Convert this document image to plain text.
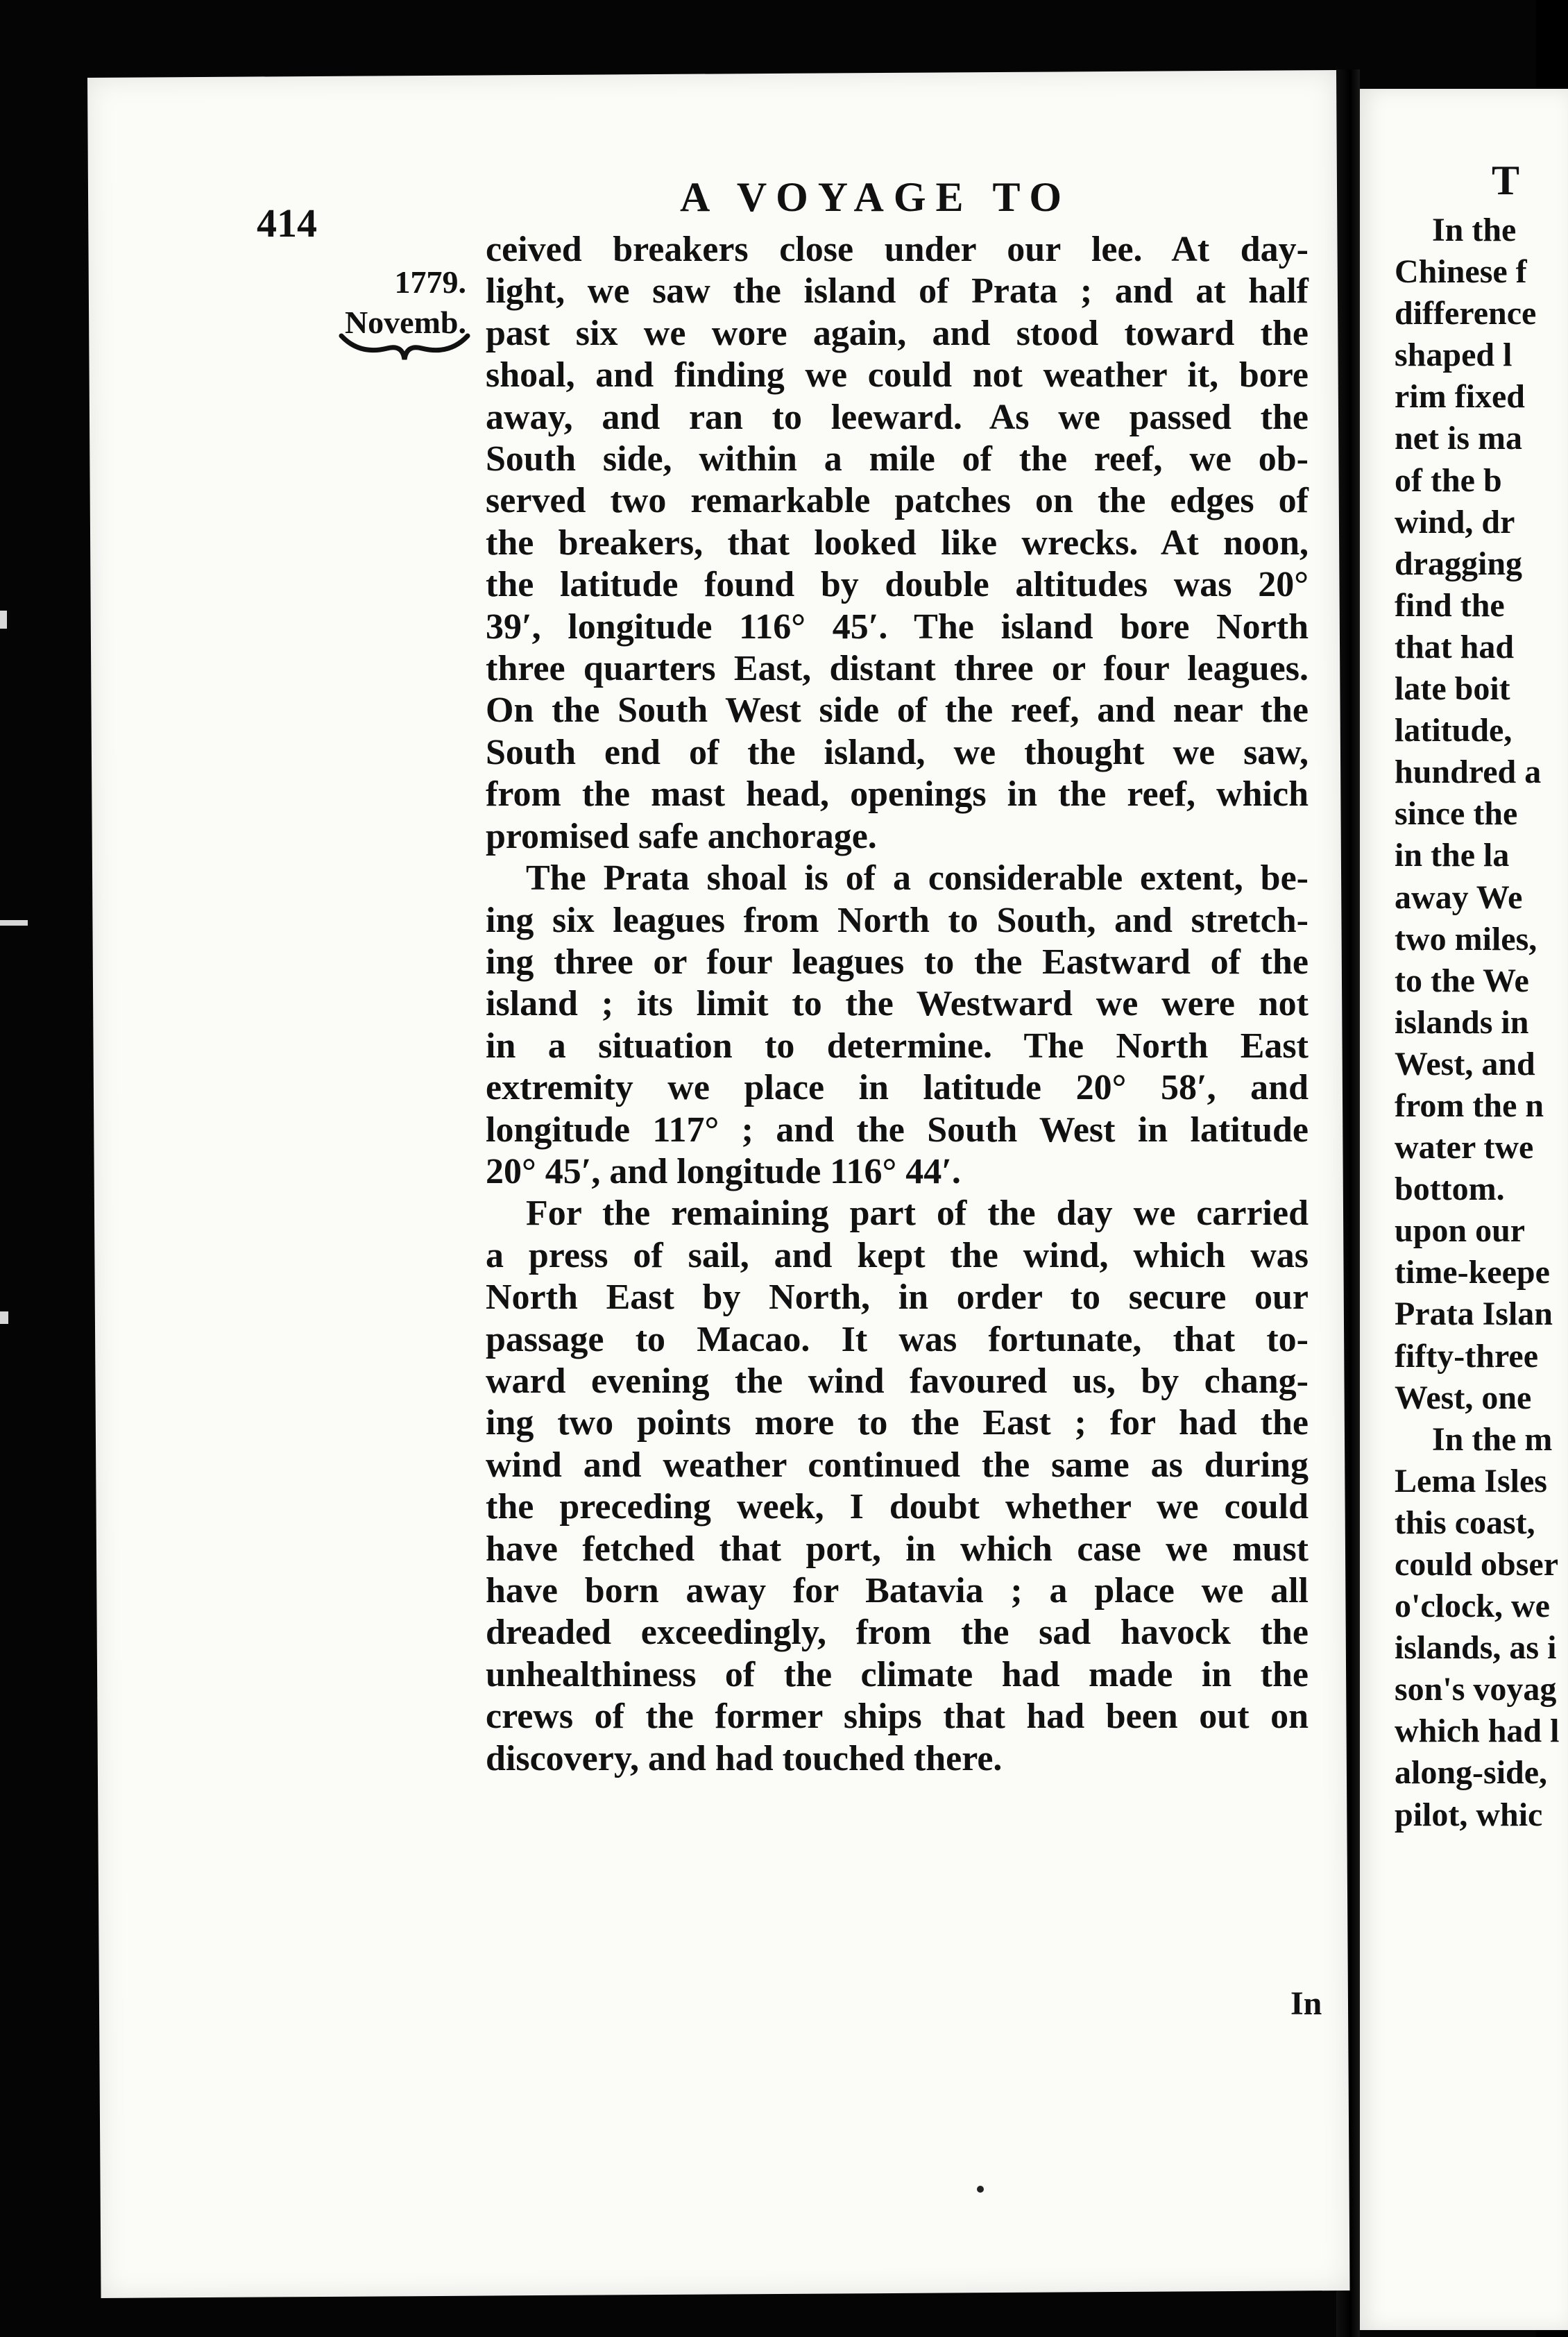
414

A VOYAGE TO

1779.
Novemb.

ceived breakers close under our lee. At day-
light, we saw the island of Prata ; and at half
past six we wore again, and stood toward the
shoal, and finding we could not weather it, bore
away, and ran to leeward. As we passed the
South side, within a mile of the reef, we ob-
served two remarkable patches on the edges of
the breakers, that looked like wrecks. At noon,
the latitude found by double altitudes was 20°
39′, longitude 116° 45′. The island bore North
three quarters East, distant three or four leagues.
On the South West side of the reef, and near the
South end of the island, we thought we saw,
from the mast head, openings in the reef, which
promised safe anchorage.

The Prata shoal is of a considerable extent, be-
ing six leagues from North to South, and stretch-
ing three or four leagues to the Eastward of the
island ; its limit to the Westward we were not
in a situation to determine. The North East
extremity we place in latitude 20° 58′, and
longitude 117° ; and the South West in latitude
20° 45′, and longitude 116° 44′.

For the remaining part of the day we carried
a press of sail, and kept the wind, which was
North East by North, in order to secure our
passage to Macao. It was fortunate, that to-
ward evening the wind favoured us, by chang-
ing two points more to the East ; for had the
wind and weather continued the same as during
the preceding week, I doubt whether we could
have fetched that port, in which case we must
have born away for Batavia ; a place we all
dreaded exceedingly, from the sad havock the
unhealthiness of the climate had made in the
crews of the former ships that had been out on
discovery, and had touched there.

In

T

In the
Chinese f
difference
shaped l
rim fixed
net is ma
of the b
wind, dr
dragging
find the
that had
late boit
latitude,
hundred a
since the
in the la
away We
two miles,
to the We
islands in
West, and
from the n
water twe
bottom.
upon our
time-keepe
Prata Islan
fifty-three
West, one
In the m
Lema Isles
this coast,
could obser
o'clock, we
islands, as i
son's voyag
which had l
along-side,
pilot, whic
